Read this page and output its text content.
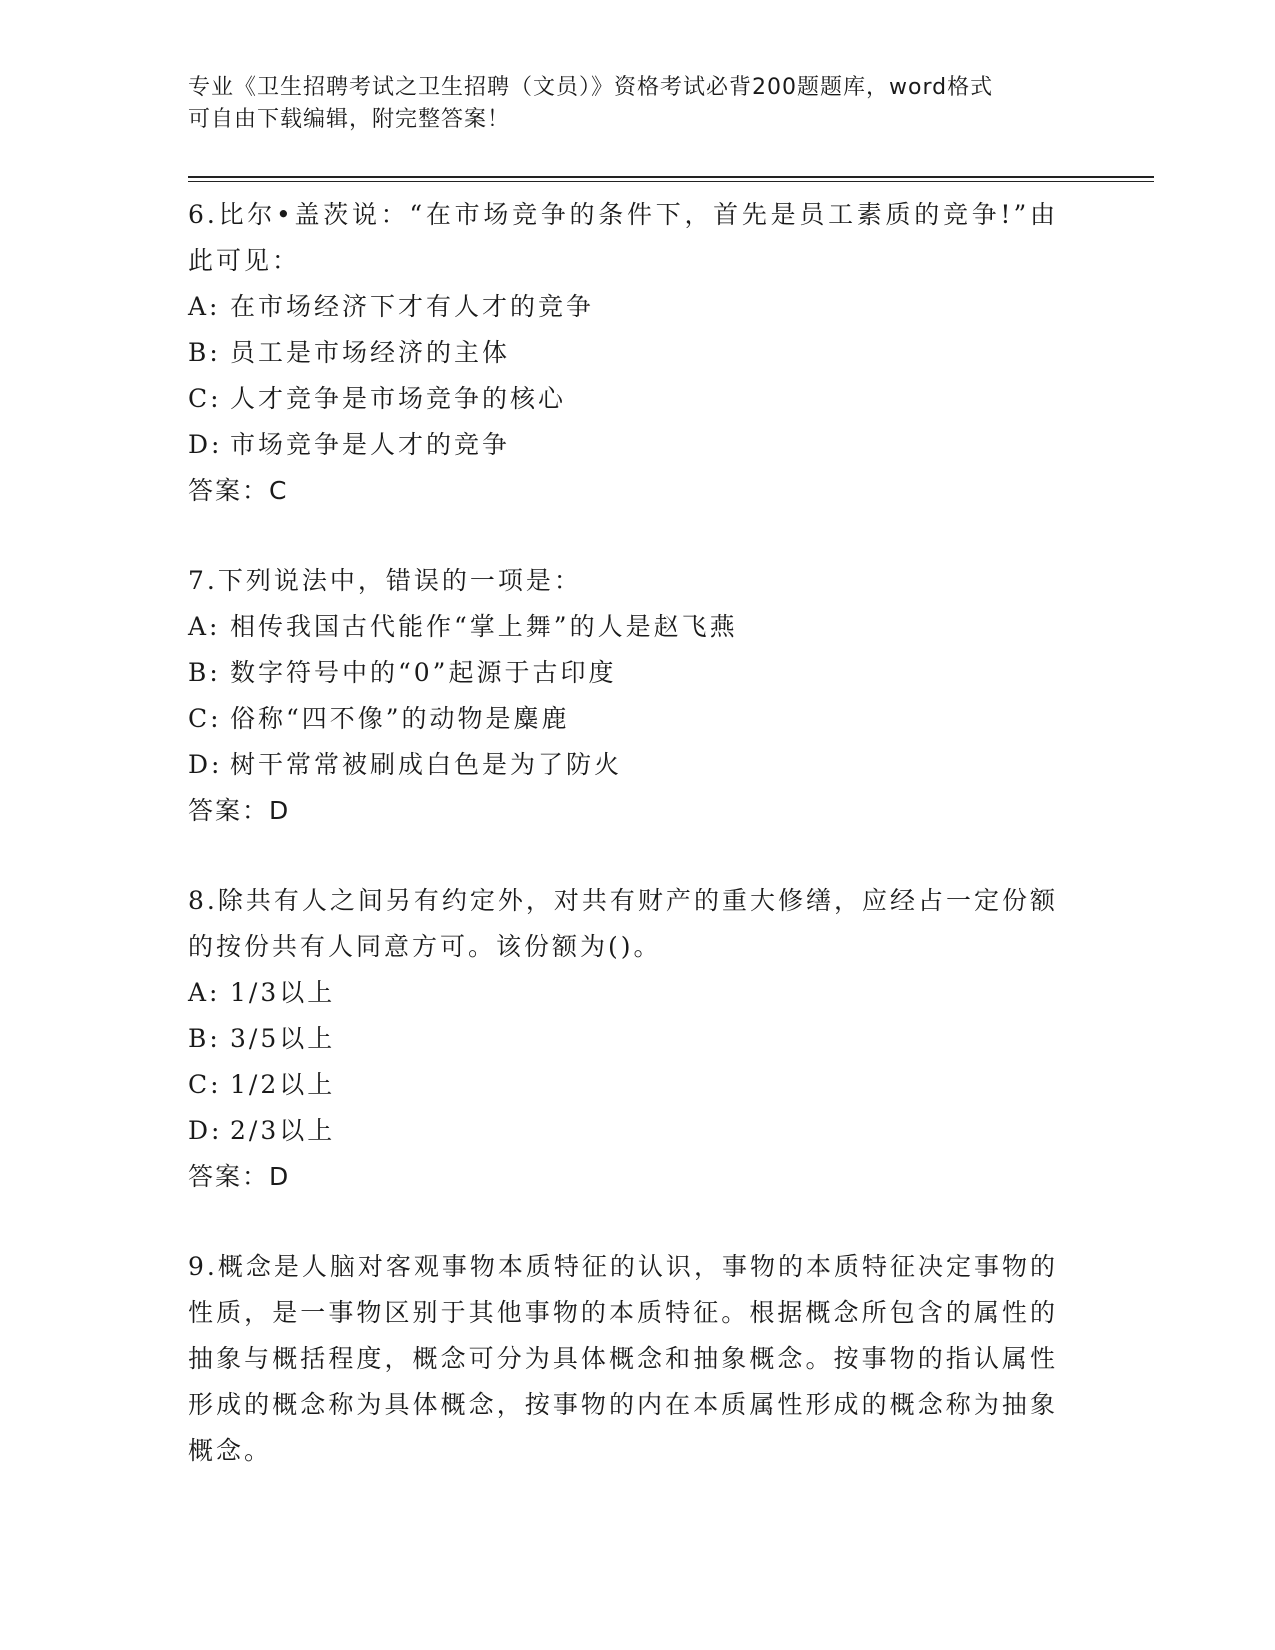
专业《卫生招聘考试之卫生招聘（文员）》资格考试必背200题题库，word格式
可自由下载编辑，附完整答案！
6.比尔•盖茨说：“在市场竞争的条件下，首先是员工素质的竞争!”由此可见：
A: 在市场经济下才有人才的竞争
B: 员工是市场经济的主体
C: 人才竞争是市场竞争的核心
D: 市场竞争是人才的竞争
答案：C
7.下列说法中，错误的一项是：
A: 相传我国古代能作“掌上舞”的人是赵飞燕
B: 数字符号中的“0”起源于古印度
C: 俗称“四不像”的动物是麋鹿
D: 树干常常被刷成白色是为了防火
答案：D
8.除共有人之间另有约定外，对共有财产的重大修缮，应经占一定份额的按份共有人同意方可。该份额为()。
A: 1/3以上
B: 3/5以上
C: 1/2以上
D: 2/3以上
答案：D
9.概念是人脑对客观事物本质特征的认识，事物的本质特征决定事物的性质，是一事物区别于其他事物的本质特征。根据概念所包含的属性的抽象与概括程度，概念可分为具体概念和抽象概念。按事物的指认属性形成的概念称为具体概念，按事物的内在本质属性形成的概念称为抽象概念。
